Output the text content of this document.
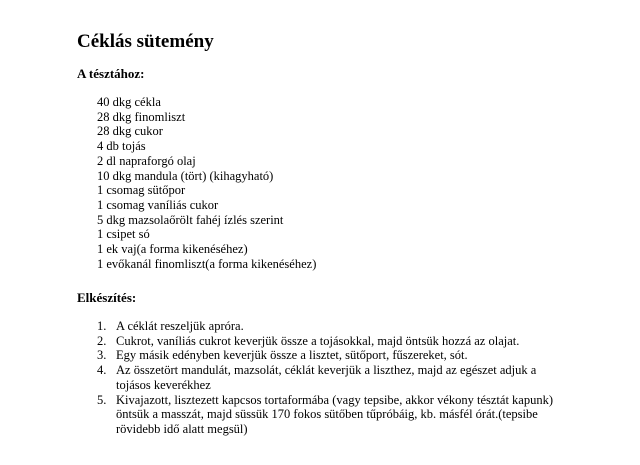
Céklás sütemény
A tésztához:
40 dkg cékla
28 dkg finomliszt
28 dkg cukor
4 db tojás
2 dl napraforgó olaj
10 dkg mandula (tört) (kihagyható)
1 csomag sütőpor
1 csomag vaníliás cukor
5 dkg mazsolaőrölt fahéj ízlés szerint
1 csipet só
1 ek vaj(a forma kikenéséhez)
1 evőkanál finomliszt(a forma kikenéséhez)
Elkészítés:
1. A céklát reszeljük apróra.
2. Cukrot, vaníliás cukrot keverjük össze a tojásokkal, majd öntsük hozzá az olajat.
3. Egy másik edényben keverjük össze a lisztet, sütőport, fűszereket, sót.
4. Az összetört mandulát, mazsolát, céklát keverjük a liszthez, majd az egészet adjuk a tojásos keverékhez
5. Kivajazott, lisztezett kapcsos tortaformába (vagy tepsibe, akkor vékony tésztát kapunk) öntsük a masszát, majd süssük 170 fokos sütőben tűpróbáig, kb. másfél órát.(tepsibe rövidebb idő alatt megsül)
